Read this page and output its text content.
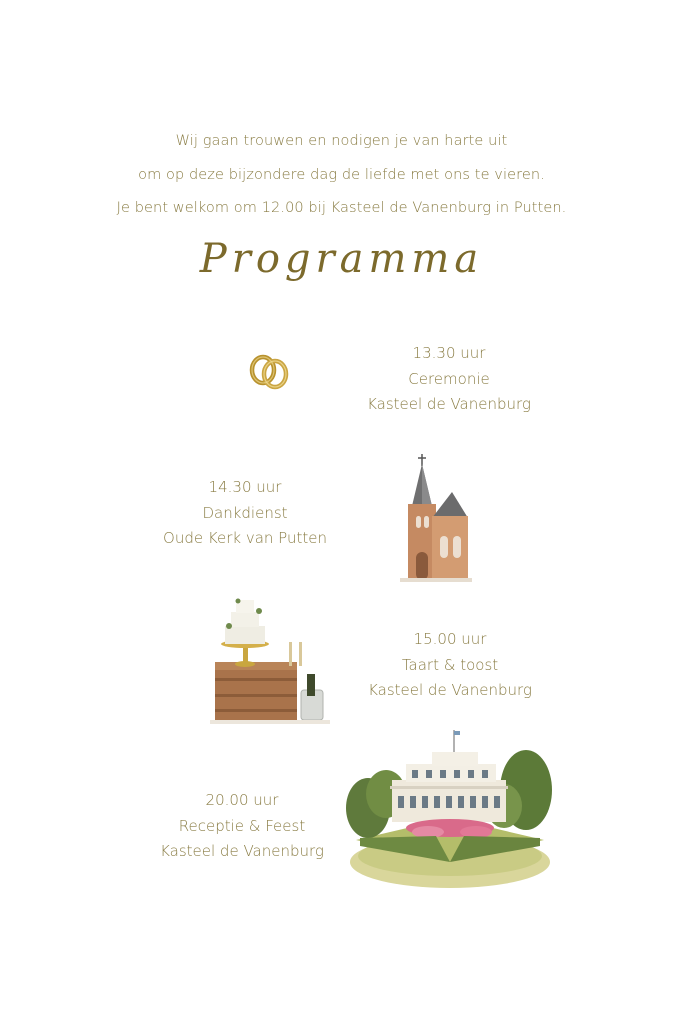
Wij gaan trouwen en nodigen je van harte uit
om op deze bijzondere dag de liefde met ons te vieren.
Je bent welkom om 12.00 bij Kasteel de Vanenburg in Putten.
Programma
13.30 uur
Ceremonie
Kasteel de Vanenburg
14.30 uur
Dankdienst
Oude Kerk van Putten
15.00 uur
Taart & toost
Kasteel de Vanenburg
20.00 uur
Receptie & Feest
Kasteel de Vanenburg
